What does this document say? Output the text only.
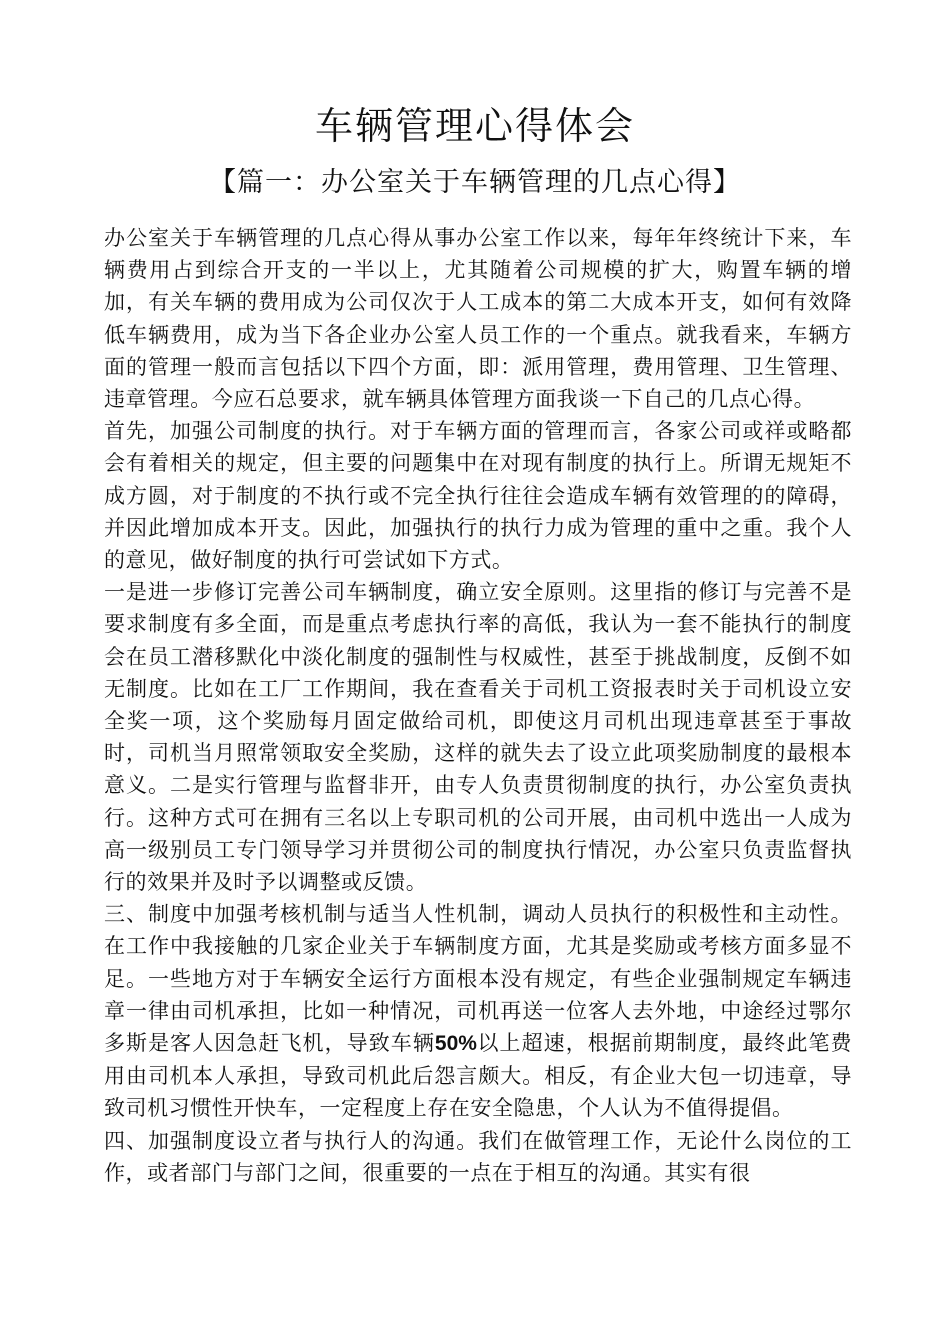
车辆管理心得体会
【篇一：办公室关于车辆管理的几点心得】

办公室关于车辆管理的几点心得从事办公室工作以来，每年年终统计下来，车辆费用占到综合开支的一半以上，尤其随着公司规模的扩大，购置车辆的增加，有关车辆的费用成为公司仅次于人工成本的第二大成本开支，如何有效降低车辆费用，成为当下各企业办公室人员工作的一个重点。就我看来，车辆方面的管理一般而言包括以下四个方面，即：派用管理，费用管理、卫生管理、违章管理。今应石总要求，就车辆具体管理方面我谈一下自己的几点心得。

首先，加强公司制度的执行。对于车辆方面的管理而言，各家公司或祥或略都会有着相关的规定，但主要的问题集中在对现有制度的执行上。所谓无规矩不成方圆，对于制度的不执行或不完全执行往往会造成车辆有效管理的的障碍，并因此增加成本开支。因此，加强执行的执行力成为管理的重中之重。我个人的意见，做好制度的执行可尝试如下方式。

一是进一步修订完善公司车辆制度，确立安全原则。这里指的修订与完善不是要求制度有多全面，而是重点考虑执行率的高低，我认为一套不能执行的制度会在员工潜移默化中淡化制度的强制性与权威性，甚至于挑战制度，反倒不如无制度。比如在工厂工作期间，我在查看关于司机工资报表时关于司机设立安全奖一项，这个奖励每月固定做给司机，即使这月司机出现违章甚至于事故时，司机当月照常领取安全奖励，这样的就失去了设立此项奖励制度的最根本意义。二是实行管理与监督非开，由专人负责贯彻制度的执行，办公室负责执行。这种方式可在拥有三名以上专职司机的公司开展，由司机中选出一人成为高一级别员工专门领导学习并贯彻公司的制度执行情况，办公室只负责监督执行的效果并及时予以调整或反馈。

三、制度中加强考核机制与适当人性机制，调动人员执行的积极性和主动性。在工作中我接触的几家企业关于车辆制度方面，尤其是奖励或考核方面多显不足。一些地方对于车辆安全运行方面根本没有规定，有些企业强制规定车辆违章一律由司机承担，比如一种情况，司机再送一位客人去外地，中途经过鄂尔多斯是客人因急赶飞机，导致车辆50%以上超速，根据前期制度，最终此笔费用由司机本人承担，导致司机此后怨言颇大。相反，有企业大包一切违章，导致司机习惯性开快车，一定程度上存在安全隐患，个人认为不值得提倡。

四、加强制度设立者与执行人的沟通。我们在做管理工作，无论什么岗位的工作，或者部门与部门之间，很重要的一点在于相互的沟通。其实有很
